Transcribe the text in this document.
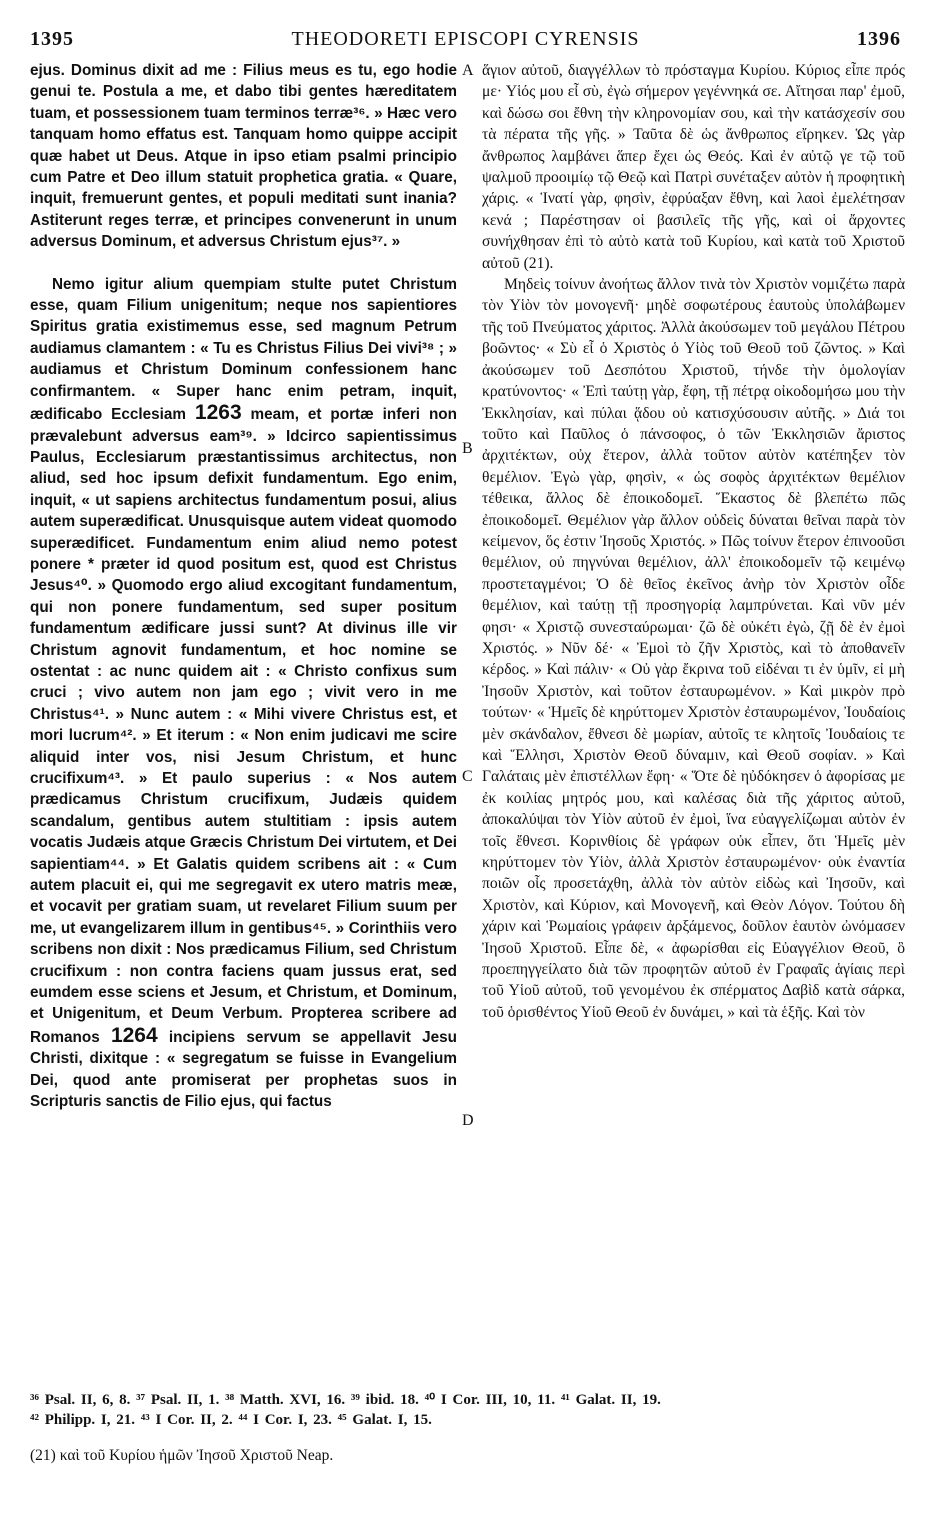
1395	THEODORETI EPISCOPI CYRENSIS	1396

ejus. Dominus dixit ad me : Filius meus es tu, ego hodie genui te. Postula a me, et dabo tibi gentes hæreditatem tuam, et possessionem tuam terminos terræ³⁶. » Hæc vero tanquam homo effatus est. Tanquam homo quippe accipit quæ habet ut Deus. Atque in ipso etiam psalmi principio cum Patre et Deo illum statuit prophetica gratia. « Quare, inquit, fremuerunt gentes, et populi meditati sunt inania? Astiterunt reges terræ, et principes convenerunt in unum adversus Dominum, et adversus Christum ejus³⁷. »

Nemo igitur alium quempiam stulte putet Christum esse, quam Filium unigenitum; neque nos sapientiores Spiritus gratia existimemus esse, sed magnum Petrum audiamus clamantem : « Tu es Christus Filius Dei vivi³⁸ ; » audiamus et Christum Dominum confessionem hanc confirmantem. « Super hanc enim petram, inquit, ædificabo Ecclesiam 1263 meam, et portæ inferi non prævalebunt adversus eam³⁹. » Idcirco sapientissimus Paulus, Ecclesiarum præstantissimus architectus, non aliud, sed hoc ipsum defixit fundamentum. Ego enim, inquit, « ut sapiens architectus fundamentum posui, alius autem superædificat. Unusquisque autem videat quomodo superædificet. Fundamentum enim aliud nemo potest ponere * præter id quod positum est, quod est Christus Jesus⁴⁰. » Quomodo ergo aliud excogitant fundamentum, qui non ponere fundamentum, sed super positum fundamentum ædificare jussi sunt? At divinus ille vir Christum agnovit fundamentum, et hoc nomine se ostentat : ac nunc quidem ait : « Christo confixus sum cruci ; vivo autem non jam ego ; vivit vero in me Christus⁴¹. » Nunc autem : « Mihi vivere Christus est, et mori lucrum⁴². » Et iterum : « Non enim judicavi me scire aliquid inter vos, nisi Jesum Christum, et hunc crucifixum⁴³. » Et paulo superius : « Nos autem prædicamus Christum crucifixum, Judæis quidem scandalum, gentibus autem stultitiam : ipsis autem vocatis Judæis atque Græcis Christum Dei virtutem, et Dei sapientiam⁴⁴. » Et Galatis quidem scribens ait : « Cum autem placuit ei, qui me segregavit ex utero matris meæ, et vocavit per gratiam suam, ut revelaret Filium suum per me, ut evangelizarem illum in gentibus⁴⁵. » Corinthiis vero scribens non dixit : Nos prædicamus Filium, sed Christum crucifixum : non contra faciens quam jussus erat, sed eumdem esse sciens et Jesum, et Christum, et Dominum, et Unigenitum, et Deum Verbum. Propterea scribere ad Romanos 1264 incipiens servum se appellavit Jesu Christi, dixitque : « segregatum se fuisse in Evangelium Dei, quod ante promiserat per prophetas suos in Scripturis sanctis de Filio ejus, qui factus

A
B
C
D

ἅγιον αὐτοῦ, διαγγέλλων τὸ πρόσταγμα Κυρίου. Κύριος εἶπε πρός με· Υἱός μου εἶ σὺ, ἐγὼ σήμερον γεγέννηκά σε. Αἴτησαι παρ' ἐμοῦ, καὶ δώσω σοι ἔθνη τὴν κληρονομίαν σου, καὶ τὴν κατάσχεσίν σου τὰ πέρατα τῆς γῆς. » Ταῦτα δὲ ὡς ἄνθρωπος εἴρηκεν. Ὡς γὰρ ἄνθρωπος λαμβάνει ἅπερ ἔχει ὡς Θεός. Καὶ ἐν αὐτῷ γε τῷ τοῦ ψαλμοῦ προοιμίῳ τῷ Θεῷ καὶ Πατρὶ συνέταξεν αὐτὸν ἡ προφητικὴ χάρις. « Ἱνατί γὰρ, φησὶν, ἐφρύαξαν ἔθνη, καὶ λαοὶ ἐμελέτησαν κενά ; Παρέστησαν οἱ βασιλεῖς τῆς γῆς, καὶ οἱ ἄρχοντες συνήχθησαν ἐπὶ τὸ αὐτὸ κατὰ τοῦ Κυρίου, καὶ κατὰ τοῦ Χριστοῦ αὐτοῦ (21).

Μηδεὶς τοίνυν ἀνοήτως ἄλλον τινὰ τὸν Χριστὸν νομιζέτω παρὰ τὸν Υἱὸν τὸν μονογενῆ· μηδὲ σοφωτέρους ἑαυτοὺς ὑπολάβωμεν τῆς τοῦ Πνεύματος χάριτος. Ἀλλὰ ἀκούσωμεν τοῦ μεγάλου Πέτρου βοῶντος· « Σὺ εἶ ὁ Χριστὸς ὁ Υἱὸς τοῦ Θεοῦ τοῦ ζῶντος. » Καὶ ἀκούσωμεν τοῦ Δεσπότου Χριστοῦ, τήνδε τὴν ὁμολογίαν κρατύνοντος· « Ἐπὶ ταύτῃ γὰρ, ἔφη, τῇ πέτρᾳ οἰκοδομήσω μου τὴν Ἐκκλησίαν, καὶ πύλαι ᾅδου οὐ κατισχύσουσιν αὐτῆς. » Διά τοι τοῦτο καὶ Παῦλος ὁ πάνσοφος, ὁ τῶν Ἐκκλησιῶν ἄριστος ἀρχιτέκτων, οὐχ ἕτερον, ἀλλὰ τοῦτον αὐτὸν κατέπηξεν τὸν θεμέλιον. Ἐγὼ γὰρ, φησὶν, « ὡς σοφὸς ἀρχιτέκτων θεμέλιον τέθεικα, ἄλλος δὲ ἐποικοδομεῖ. Ἕκαστος δὲ βλεπέτω πῶς ἐποικοδομεῖ. Θεμέλιον γὰρ ἄλλον οὐδεὶς δύναται θεῖναι παρὰ τὸν κείμενον, ὅς ἐστιν Ἰησοῦς Χριστός. » Πῶς τοίνυν ἕτερον ἐπινοοῦσι θεμέλιον, οὐ πηγνύναι θεμέλιον, ἀλλ' ἐποικοδομεῖν τῷ κειμένῳ προστεταγμένοι; Ὁ δὲ θεῖος ἐκεῖνος ἀνὴρ τὸν Χριστὸν οἶδε θεμέλιον, καὶ ταύτῃ τῇ προσηγορίᾳ λαμπρύνεται. Καὶ νῦν μέν φησι· « Χριστῷ συνεσταύρωμαι· ζῶ δὲ οὐκέτι ἐγὼ, ζῇ δὲ ἐν ἐμοὶ Χριστός. » Νῦν δέ· « Ἐμοὶ τὸ ζῆν Χριστὸς, καὶ τὸ ἀποθανεῖν κέρδος. » Καὶ πάλιν· « Οὐ γὰρ ἔκρινα τοῦ εἰδέναι τι ἐν ὑμῖν, εἰ μὴ Ἰησοῦν Χριστὸν, καὶ τοῦτον ἐσταυρωμένον. » Καὶ μικρὸν πρὸ τούτων· « Ἡμεῖς δὲ κηρύττομεν Χριστὸν ἐσταυρωμένον, Ἰουδαίοις μὲν σκάνδαλον, ἔθνεσι δὲ μωρίαν, αὐτοῖς τε κλητοῖς Ἰουδαίοις τε καὶ Ἕλλησι, Χριστὸν Θεοῦ δύναμιν, καὶ Θεοῦ σοφίαν. » Καὶ Γαλάταις μὲν ἐπιστέλλων ἔφη· « Ὅτε δὲ ηὐδόκησεν ὁ ἀφορίσας με ἐκ κοιλίας μητρός μου, καὶ καλέσας διὰ τῆς χάριτος αὐτοῦ, ἀποκαλύψαι τὸν Υἱὸν αὐτοῦ ἐν ἐμοὶ, ἵνα εὐαγγελίζωμαι αὐτὸν ἐν τοῖς ἔθνεσι. Κορινθίοις δὲ γράφων οὐκ εἶπεν, ὅτι Ἡμεῖς μὲν κηρύττομεν τὸν Υἱὸν, ἀλλὰ Χριστὸν ἐσταυρωμένον· οὐκ ἐναντία ποιῶν οἷς προσετάχθη, ἀλλὰ τὸν αὐτὸν εἰδὼς καὶ Ἰησοῦν, καὶ Χριστὸν, καὶ Κύριον, καὶ Μονογενῆ, καὶ Θεὸν Λόγον. Τούτου δὴ χάριν καὶ Ῥωμαίοις γράφειν ἀρξάμενος, δοῦλον ἑαυτὸν ὠνόμασεν Ἰησοῦ Χριστοῦ. Εἶπε δὲ, « ἀφωρίσθαι εἰς Εὐαγγέλιον Θεοῦ, ὃ προεπηγγείλατο διὰ τῶν προφητῶν αὐτοῦ ἐν Γραφαῖς ἁγίαις περὶ τοῦ Υἱοῦ αὐτοῦ, τοῦ γενομένου ἐκ σπέρματος Δαβὶδ κατὰ σάρκα, τοῦ ὁρισθέντος Υἱοῦ Θεοῦ ἐν δυνάμει, » καὶ τὰ ἑξῆς. Καὶ τὸν

³⁶ Psal. II, 6, 8. ³⁷ Psal. II, 1. ³⁸ Matth. XVI, 16. ³⁹ ibid. 18. ⁴⁰ I Cor. III, 10, 11. ⁴¹ Galat. II, 19.
⁴² Philipp. I, 21. ⁴³ I Cor. II, 2. ⁴⁴ I Cor. I, 23. ⁴⁵ Galat. I, 15.
(21) καὶ τοῦ Κυρίου ἡμῶν Ἰησοῦ Χριστοῦ Neap.
